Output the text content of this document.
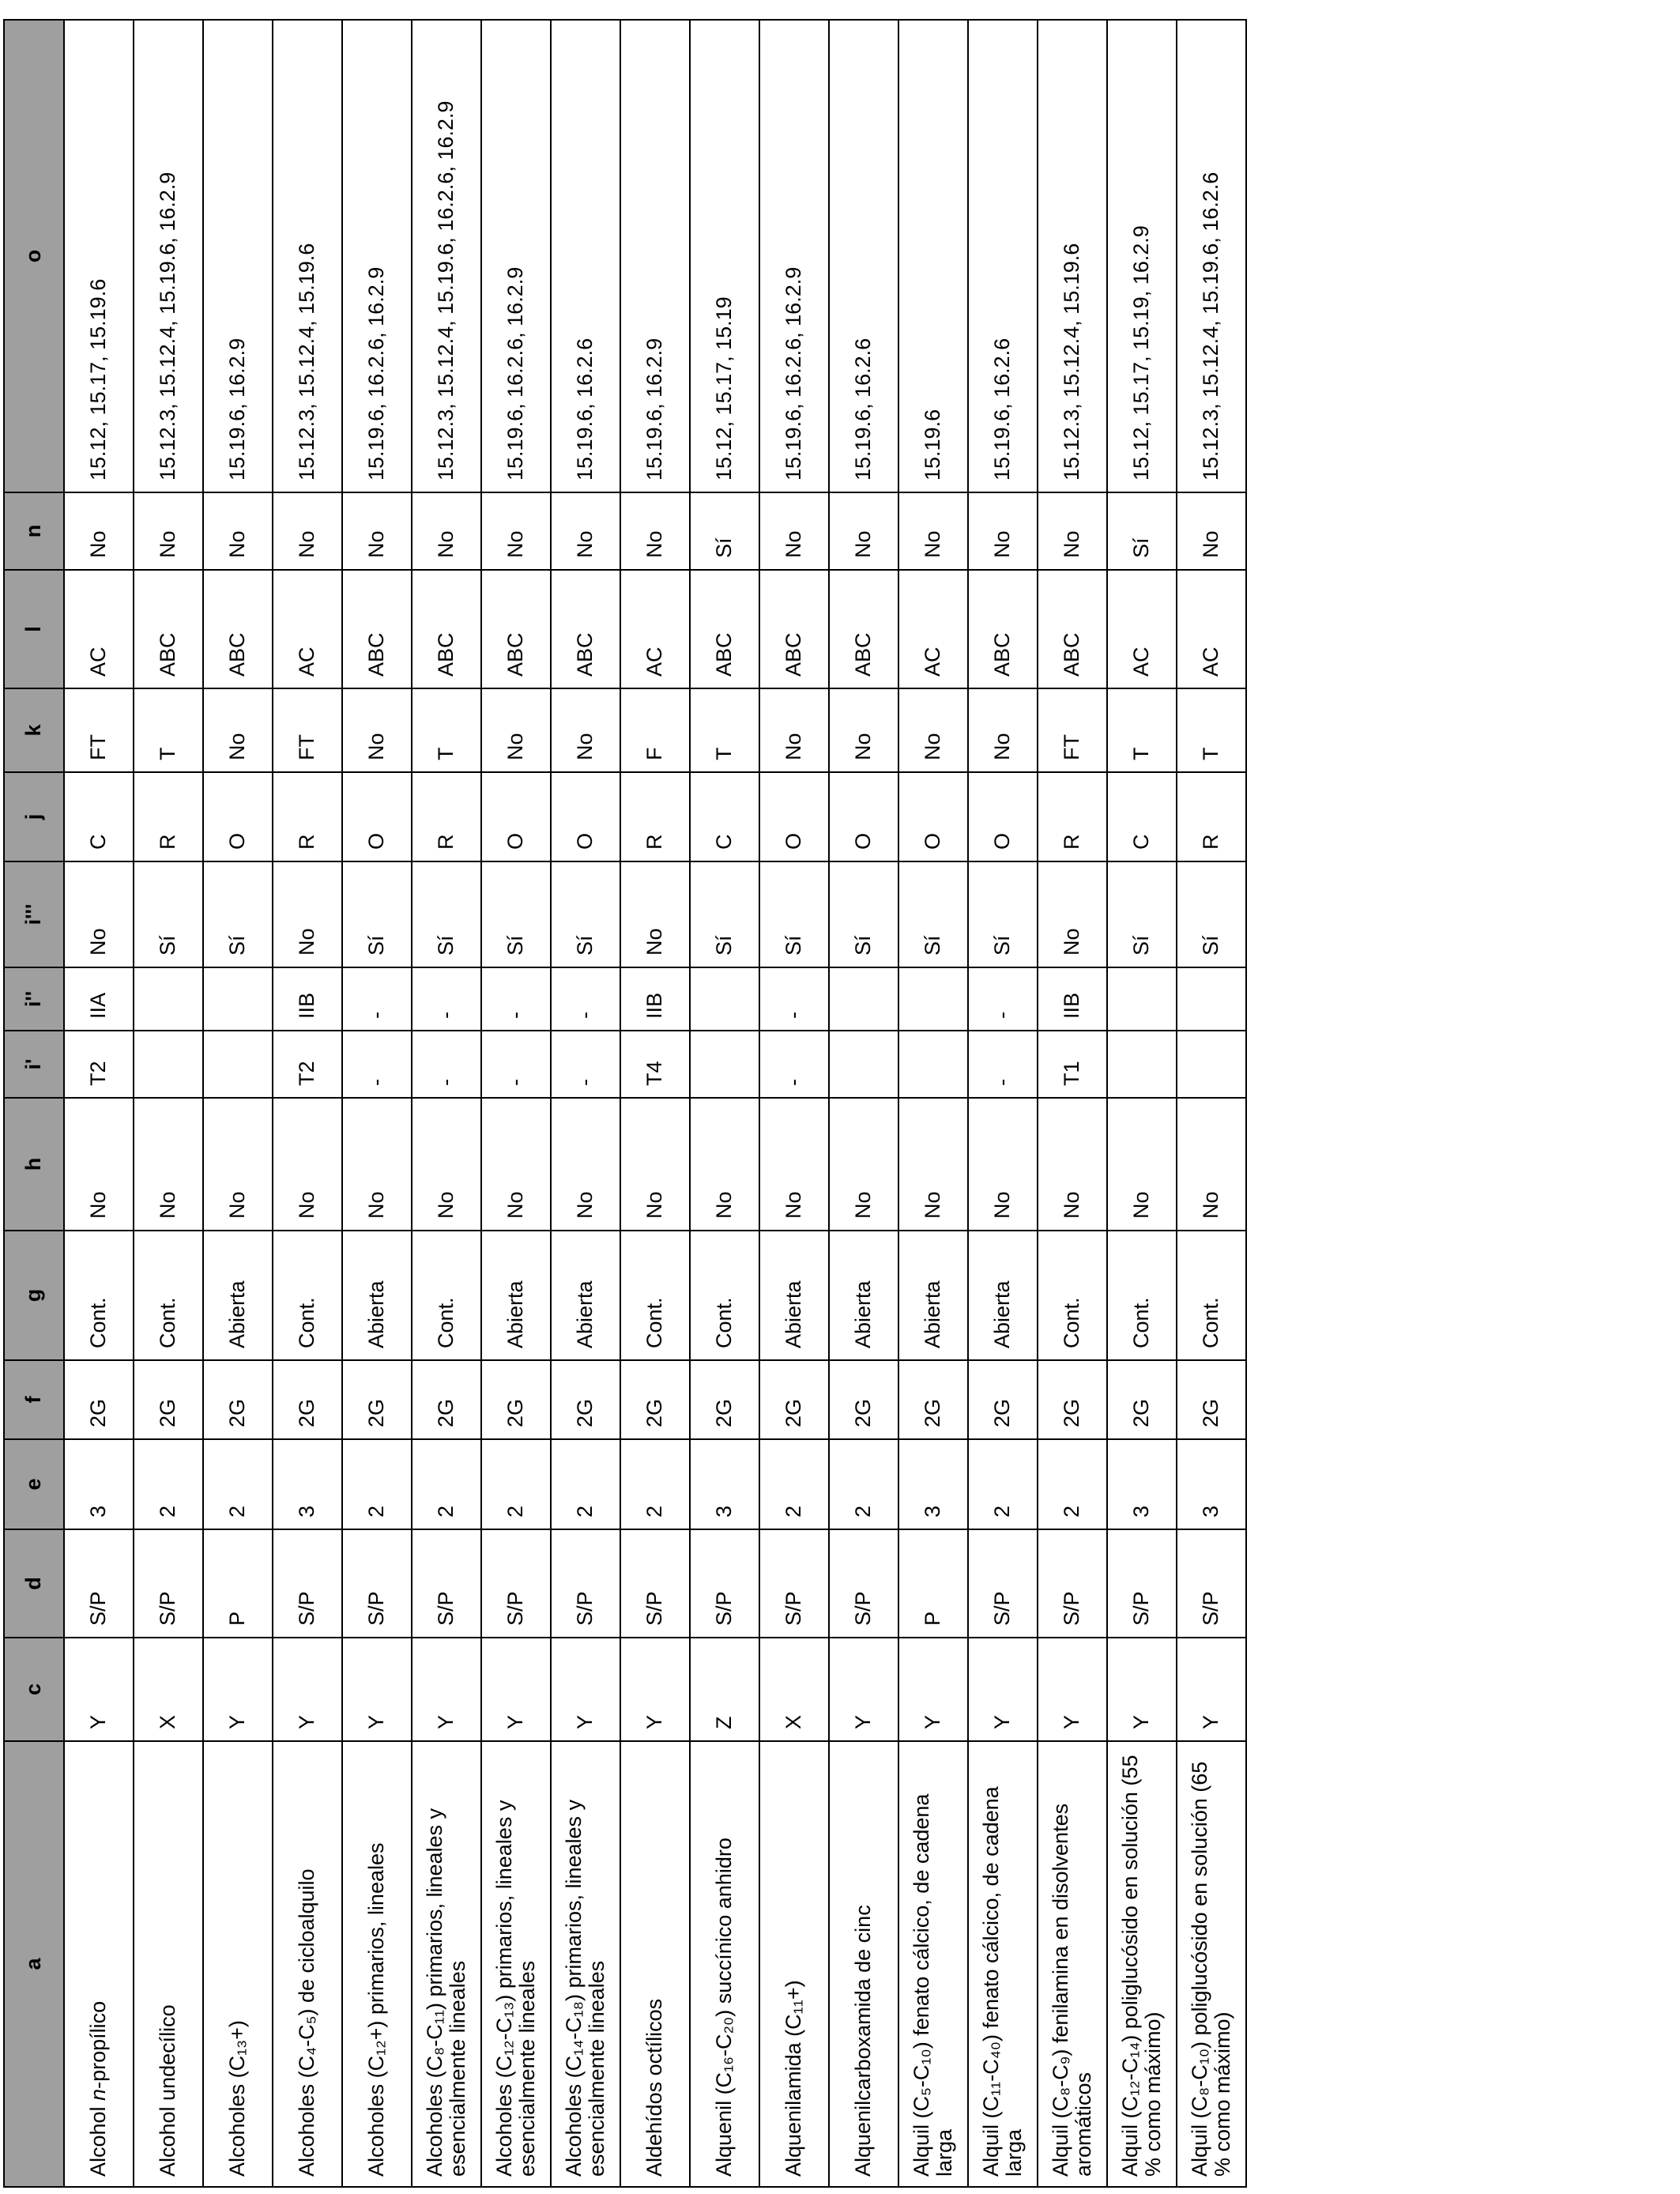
a	c	d	e	f	g	h	i'	i''	i'''	j	k	l	n	o
Alcohol n-propílico	Y	S/P	3	2G	Cont.	No	T2	IIA	No	C	FT	AC	No	15.12, 15.17, 15.19.6
Alcohol undecílico	X	S/P	2	2G	Cont.	No			Sí	R	T	ABC	No	15.12.3, 15.12.4, 15.19.6, 16.2.9
Alcoholes (C₁₃+)	Y	P	2	2G	Abierta	No			Sí	O	No	ABC	No	15.19.6, 16.2.9
Alcoholes (C₄-C₅) de cicloalquilo	Y	S/P	3	2G	Cont.	No	T2	IIB	No	R	FT	AC	No	15.12.3, 15.12.4, 15.19.6
Alcoholes (C₁₂+) primarios, lineales	Y	S/P	2	2G	Abierta	No	-	-	Sí	O	No	ABC	No	15.19.6, 16.2.6, 16.2.9
Alcoholes (C₈-C₁₁) primarios, lineales y esencialmente lineales	Y	S/P	2	2G	Cont.	No	-	-	Sí	R	T	ABC	No	15.12.3, 15.12.4, 15.19.6, 16.2.6, 16.2.9
Alcoholes (C₁₂-C₁₃) primarios, lineales y esencialmente lineales	Y	S/P	2	2G	Abierta	No	-	-	Sí	O	No	ABC	No	15.19.6, 16.2.6, 16.2.9
Alcoholes (C₁₄-C₁₈) primarios, lineales y esencialmente lineales	Y	S/P	2	2G	Abierta	No	-	-	Sí	O	No	ABC	No	15.19.6, 16.2.6
Aldehídos octílicos	Y	S/P	2	2G	Cont.	No	T4	IIB	No	R	F	AC	No	15.19.6, 16.2.9
Alquenil (C₁₆-C₂₀) succínico anhidro	Z	S/P	3	2G	Cont.	No			Sí	C	T	ABC	Sí	15.12, 15.17, 15.19
Alquenilamida (C₁₁+)	X	S/P	2	2G	Abierta	No	-	-	Sí	O	No	ABC	No	15.19.6, 16.2.6, 16.2.9
Alquenilcarboxamida de cinc	Y	S/P	2	2G	Abierta	No			Sí	O	No	ABC	No	15.19.6, 16.2.6
Alquil (C₅-C₁₀) fenato cálcico, de cadena larga	Y	P	3	2G	Abierta	No			Sí	O	No	AC	No	15.19.6
Alquil (C₁₁-C₄₀) fenato cálcico, de cadena larga	Y	S/P	2	2G	Abierta	No	-	-	Sí	O	No	ABC	No	15.19.6, 16.2.6
Alquil (C₈-C₉) fenilamina en disolventes aromáticos	Y	S/P	2	2G	Cont.	No	T1	IIB	No	R	FT	ABC	No	15.12.3, 15.12.4, 15.19.6
Alquil (C₁₂-C₁₄) poliglucósido en solución (55 % como máximo)	Y	S/P	3	2G	Cont.	No			Sí	C	T	AC	Sí	15.12, 15.17, 15.19, 16.2.9
Alquil (C₈-C₁₀) poliglucósido en solución (65 % como máximo)	Y	S/P	3	2G	Cont.	No			Sí	R	T	AC	No	15.12.3, 15.12.4, 15.19.6, 16.2.6
